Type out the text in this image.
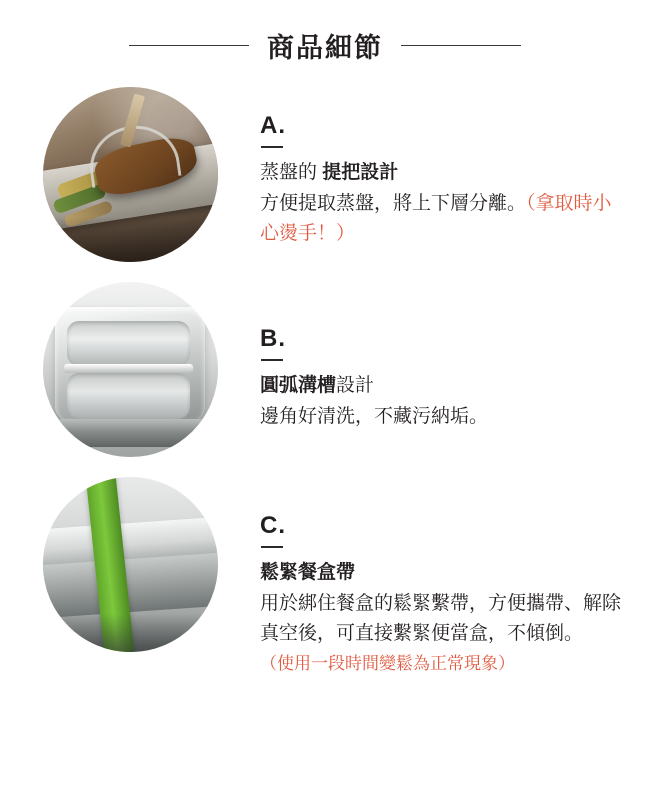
商品細節
A.
蒸盤的 提把設計
方便提取蒸盤，將上下層分離。（拿取時小心燙手！）
B.
圓弧溝槽設計
邊角好清洗，不藏污納垢。
C.
鬆緊餐盒帶
用於綁住餐盒的鬆緊繫帶，方便攜帶、解除真空後，可直接繫緊便當盒，不傾倒。
（使用一段時間變鬆為正常現象）
